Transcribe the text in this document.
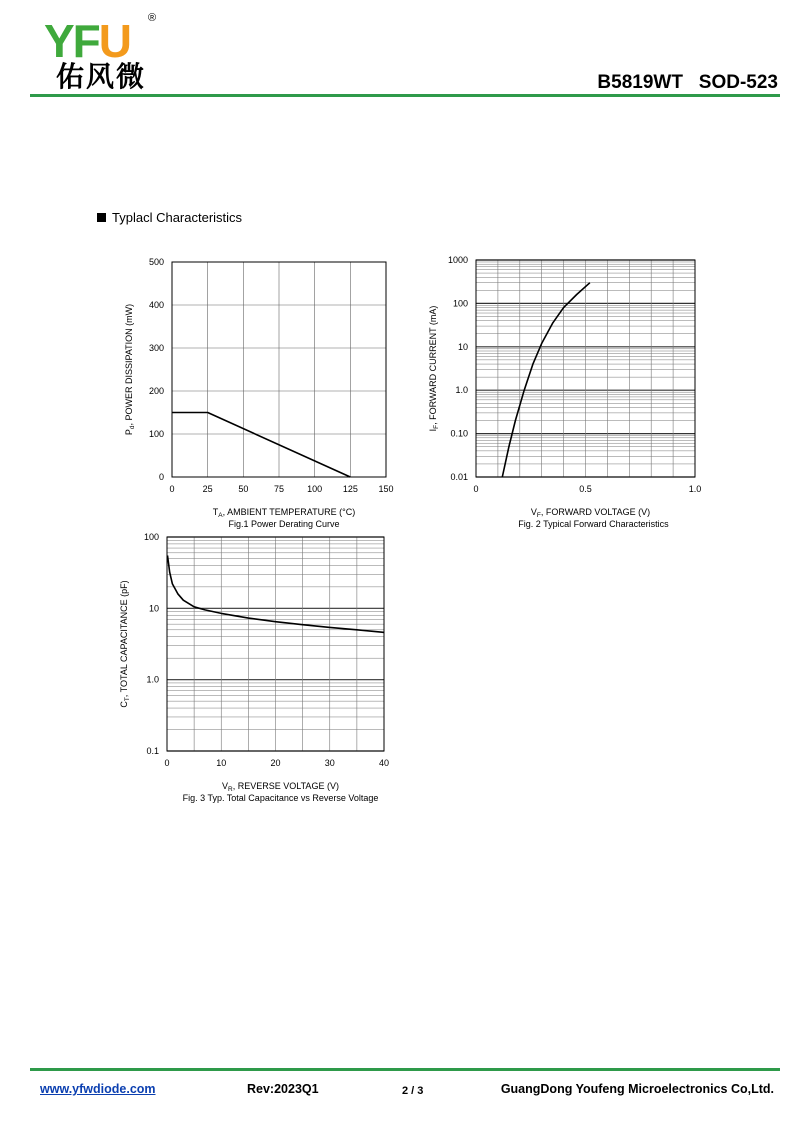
YFU ®
佑风微	B5819WT SOD-523
Typlacl Characteristics
0	25	50	75	100 125 150
0
100
200
300
400
500
$T_A$, AMBIENT TEMPERATURE (°C)
$P_d$, POWER DISSIPATION (mW)
Fig.1 Power Derating Curve
0	0.5	1.0
0.01
0.10
1.0
10
100
1000
$V_F$, FORWARD VOLTAGE (V)
$I_F$, FORWARD CURRENT (mA)
Fig. 2 Typical Forward Characteristics
0	10	20	30	40
0.1
1.0
10
100
$V_R$, REVERSE VOLTAGE (V)
$C_T$, TOTAL CAPACITANCE (pF)
Fig. 3 Typ. Total Capacitance vs Reverse Voltage
www.yfwdiode.com	Rev:2023Q1	2 / 3	GuangDong Youfeng Microelectronics Co,Ltd.
